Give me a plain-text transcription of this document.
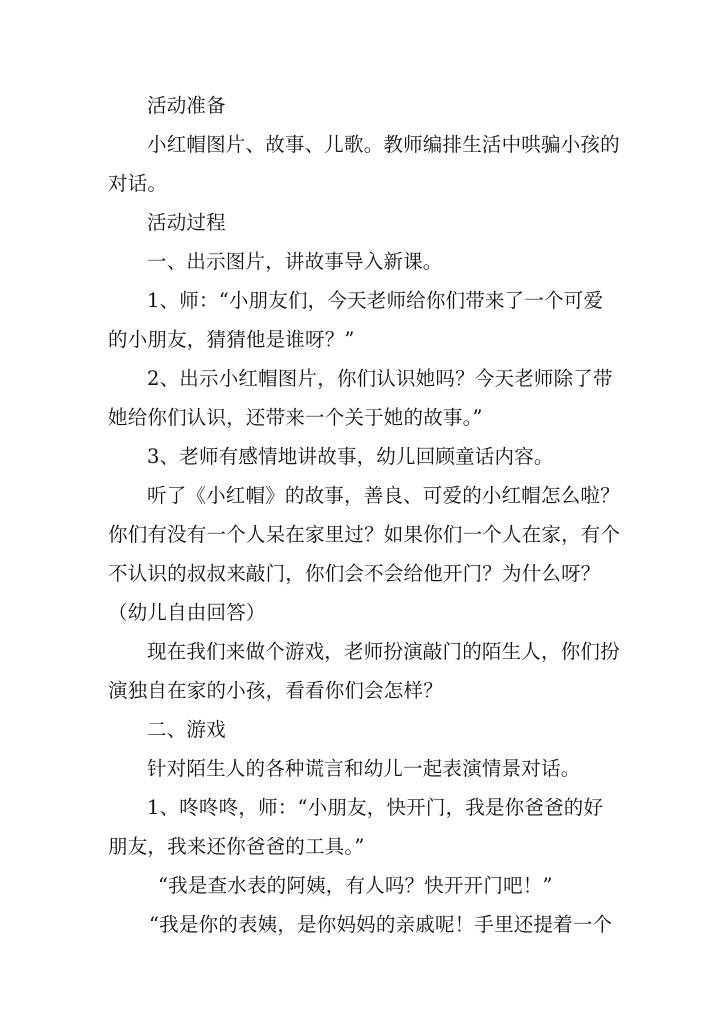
活动准备
小红帽图片、故事、儿歌。教师编排生活中哄骗小孩的
对话。
活动过程
一、出示图片，讲故事导入新课。
1、师：“小朋友们，今天老师给你们带来了一个可爱
的小朋友，猜猜他是谁呀？”
2、出示小红帽图片，你们认识她吗？今天老师除了带
她给你们认识，还带来一个关于她的故事。”
3、老师有感情地讲故事，幼儿回顾童话内容。
听了《小红帽》的故事，善良、可爱的小红帽怎么啦？
你们有没有一个人呆在家里过？如果你们一个人在家，有个
不认识的叔叔来敲门，你们会不会给他开门？为什么呀？
（幼儿自由回答）
现在我们来做个游戏，老师扮演敲门的陌生人，你们扮
演独自在家的小孩，看看你们会怎样？
二、游戏
针对陌生人的各种谎言和幼儿一起表演情景对话。
1、咚咚咚，师：“小朋友，快开门，我是你爸爸的好
朋友，我来还你爸爸的工具。”
“我是查水表的阿姨，有人吗？快开开门吧！”
“我是你的表姨，是你妈妈的亲戚呢！手里还提着一个
